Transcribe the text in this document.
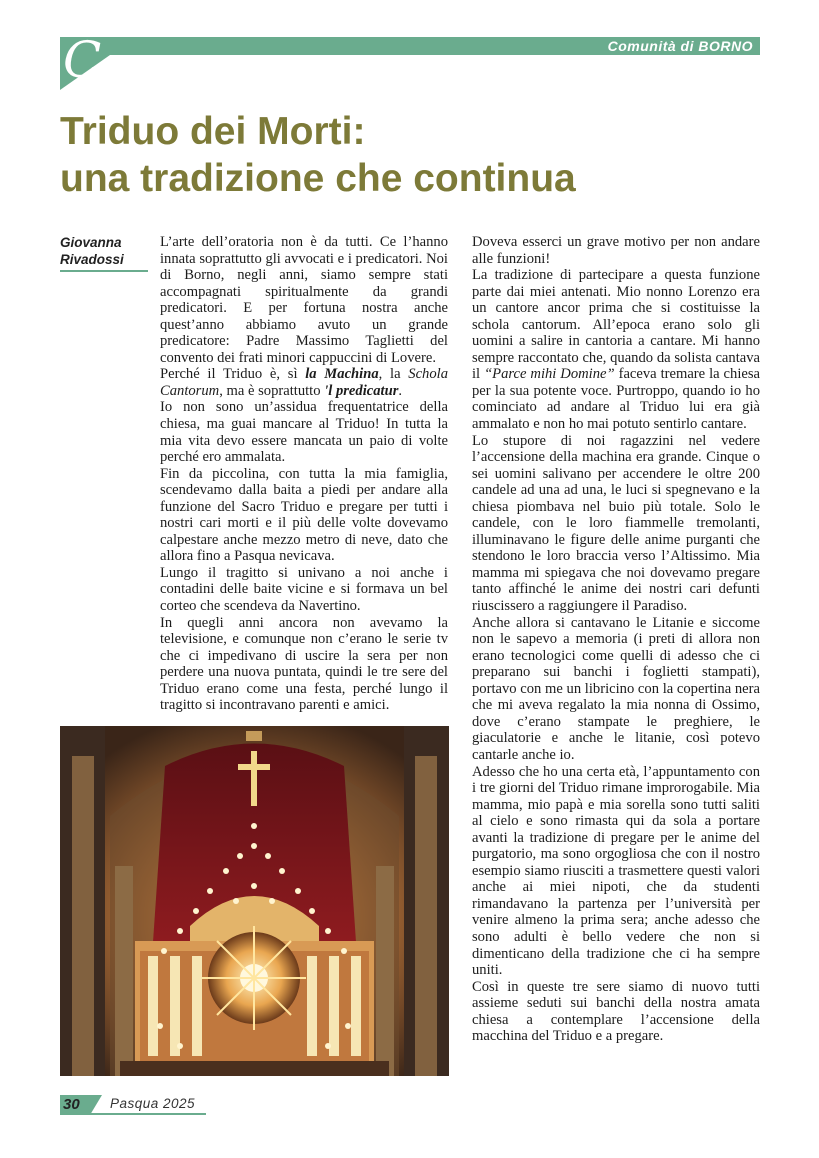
C	Comunità di BORNO
Triduo dei Morti:
una tradizione che continua
Giovanna
Rivadossi

L’arte dell’oratoria non è da tutti. Ce l’hanno innata soprattutto gli avvocati e i predicatori. Noi di Borno, negli anni, siamo sempre stati accompagnati spiritualmente da grandi predicatori. E per fortuna nostra anche quest’anno abbiamo avuto un grande predicatore: Padre Massimo Taglietti del convento dei frati minori cappuccini di Lovere.

Perché il Triduo è, sì la Machina, la Schola Cantorum, ma è soprattutto 'l predicatur.

Io non sono un’assidua frequentatrice della chiesa, ma guai mancare al Triduo! In tutta la mia vita devo essere mancata un paio di volte perché ero ammalata.

Fin da piccolina, con tutta la mia famiglia, scendevamo dalla baita a piedi per andare alla funzione del Sacro Triduo e pregare per tutti i nostri cari morti e il più delle volte dovevamo calpestare anche mezzo metro di neve, dato che allora fino a Pasqua nevicava.

Lungo il tragitto si univano a noi anche i contadini delle baite vicine e si formava un bel corteo che scendeva da Navertino.

In quegli anni ancora non avevamo la televisione, e comunque non c’erano le serie tv che ci impedivano di uscire la sera per non perdere una nuova puntata, quindi le tre sere del Triduo erano come una festa, perché lungo il tragitto si incontravano parenti e amici.

Doveva esserci un grave motivo per non andare alle funzioni!

La tradizione di partecipare a questa funzione parte dai miei antenati. Mio nonno Lorenzo era un cantore ancor prima che si costituisse la schola cantorum. All’epoca erano solo gli uomini a salire in cantoria a cantare. Mi hanno sempre raccontato che, quando da solista cantava il “Parce mihi Domine” faceva tremare la chiesa per la sua potente voce. Purtroppo, quando io ho cominciato ad andare al Triduo lui era già ammalato e non ho mai potuto sentirlo cantare.

Lo stupore di noi ragazzini nel vedere l’accensione della machina era grande. Cinque o sei uomini salivano per accendere le oltre 200 candele ad una ad una, le luci si spegnevano e la chiesa piombava nel buio più totale. Solo le candele, con le loro fiammelle tremolanti, illuminavano le figure delle anime purganti che stendono le loro braccia verso l’Altissimo. Mia mamma mi spiegava che noi dovevamo pregare tanto affinché le anime dei nostri cari defunti riuscissero a raggiungere il Paradiso.

Anche allora si cantavano le Litanie e siccome non le sapevo a memoria (i preti di allora non erano tecnologici come quelli di adesso che ci preparano sui banchi i foglietti stampati), portavo con me un libricino con la copertina nera che mi aveva regalato la mia nonna di Ossimo, dove c’erano stampate le preghiere, le giaculatorie e anche le litanie, così potevo cantarle anche io.

Adesso che ho una certa età, l’appuntamento con i tre giorni del Triduo rimane improrogabile. Mia mamma, mio papà e mia sorella sono tutti saliti al cielo e sono rimasta qui da sola a portare avanti la tradizione di pregare per le anime del purgatorio, ma sono orgogliosa che con il nostro esempio siamo riusciti a trasmettere questi valori anche ai miei nipoti, che da studenti rimandavano la partenza per l’università per venire almeno la prima sera; anche adesso che sono adulti è bello vedere che non si dimenticano della tradizione che ci ha sempre uniti.

Così in queste tre sere siamo di nuovo tutti assieme seduti sui banchi della nostra amata chiesa a contemplare l’accensione della macchina del Triduo e a pregare.

30 Pasqua 2025
